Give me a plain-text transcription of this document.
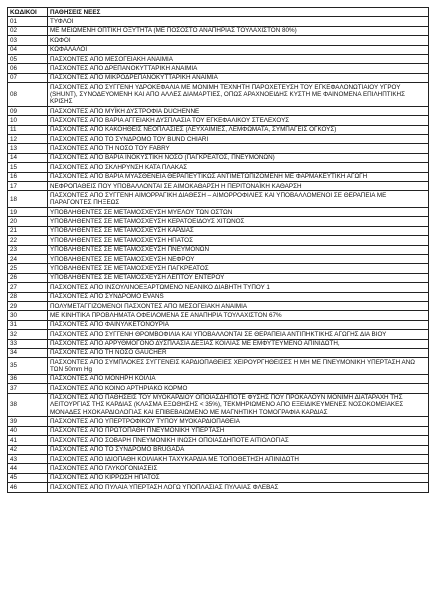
ΚΩΔΙΚΟΙ	ΠΑΘΗΣΕΙΣ ΝΕΕΣ
01	ΤΥΦΛΟΙ
02	ΜΕ ΜΕΙΩΜΕΝΗ ΟΠΤΙΚΗ ΟΞΥΤΗΤΑ (ΜΕ ΠΟΣΟΣΤΟ ΑΝΑΠΗΡΙΑΣ ΤΟΥΛΑΧΙΣΤΟΝ 80%)
03	ΚΩΦΟΙ
04	ΚΩΦΑΛΑΛΟΙ
05	ΠΑΣΧΟΝΤΕΣ ΑΠΟ ΜΕΣΟΓΕΙΑΚΗ ΑΝΑΙΜΙΑ
06	ΠΑΣΧΟΝΤΕΣ ΑΠΟ ΔΡΕΠΑΝΟΚΥΤΤΑΡΙΚΗ ΑΝΑΙΜΙΑ
07	ΠΑΣΧΟΝΤΕΣ ΑΠΟ ΜΙΚΡΟΔΡΕΠΑΝΟΚΥΤΤΑΡΙΚΗ ΑΝΑΙΜΙΑ
08	ΠΑΣΧΟΝΤΕΣ ΑΠΟ ΣΥΓΓΕΝΗ ΥΔΡΟΚΕΦΑΛΙΑ ΜΕ ΜΟΝΙΜΗ ΤΕΧΝΗΤΗ ΠΑΡΟΧΕΤΕΥΣΗ ΤΟΥ ΕΓΚΕΦΑΛΟΝΩΤΙΑΙΟΥ ΥΓΡΟΥ (SHUNT), ΣΥΝΟΔΕΥΟΜΕΝΗ ΚΑΙ ΑΠΟ ΑΛΛΕΣ ΔΙΑΜΑΡΤΙΕΣ, ΟΠΩΣ ΑΡΑΧΝΟΕΙΔΗΣ ΚΥΣΤΗ ΜΕ ΦΑΙΝΟΜΕΝΑ ΕΠΙΛΗΠΤΙΚΗΣ ΚΡΙΣΗΣ
09	ΠΑΣΧΟΝΤΕΣ ΑΠΟ ΜΥΪΚΗ ΔΥΣΤΡΟΦΙΑ DUCHENNE
10	ΠΑΣΧΟΝΤΕΣ ΑΠΟ ΒΑΡΙΑ ΑΓΓΕΙΑΚΗ ΔΥΣΠΛΑΣΙΑ ΤΟΥ ΕΓΚΕΦΑΛΙΚΟΥ ΣΤΕΛΕΧΟΥΣ
11	ΠΑΣΧΟΝΤΕΣ ΑΠΟ ΚΑΚΟΗΘΕΙΣ ΝΕΟΠΛΑΣΙΕΣ (ΛΕΥΧΑΙΜΙΕΣ, ΛΕΜΦΩΜΑΤΑ, ΣΥΜΠΑΓΕΙΣ ΟΓΚΟΥΣ)
12	ΠΑΣΧΟΝΤΕΣ ΑΠΟ ΤΟ ΣΥΝΔΡΟΜΟ ΤΟΥ BUND CHIARI
13	ΠΑΣΧΟΝΤΕΣ ΑΠΟ ΤΗ ΝΟΣΟ ΤΟΥ FABRY
14	ΠΑΣΧΟΝΤΕΣ ΑΠΟ ΒΑΡΙΑ ΙΝΟΚΥΣΤΙΚΗ ΝΟΣΟ (ΠΑΓΚΡΕΑΤΟΣ, ΠΝΕΥΜΟΝΩΝ)
15	ΠΑΣΧΟΝΤΕΣ ΑΠΟ ΣΚΛΗΡΥΝΣΗ ΚΑΤΑ ΠΛΑΚΑΣ
16	ΠΑΣΧΟΝΤΕΣ ΑΠΟ ΒΑΡΙΑ ΜΥΑΣΘΕΝΕΙΑ ΘΕΡΑΠΕΥΤΙΚΩΣ ΑΝΤΙΜΕΤΩΠΙΖΟΜΕΝΗ ΜΕ ΦΑΡΜΑΚΕΥΤΙΚΗ ΑΓΩΓΗ
17	ΝΕΦΡΟΠΑΘΕΙΣ ΠΟΥ ΥΠΟΒΑΛΛΟΝΤΑΙ ΣΕ ΑΙΜΟΚΑΘΑΡΣΗ Η ΠΕΡΙΤΟΝΑΪΚΗ ΚΑΘΑΡΣΗ
18	ΠΑΣΧΟΝΤΕΣ ΑΠΟ ΣΥΓΓΕΝΗ ΑΙΜΟΡΡΑΓΙΚΗ ΔΙΑΘΕΣΗ – ΑΙΜΟΡΡΟΦΙΛΙΕΣ ΚΑΙ ΥΠΟΒΑΛΛΟΜΕΝΟΙ ΣΕ ΘΕΡΑΠΕΙΑ ΜΕ ΠΑΡΑΓΟΝΤΕΣ ΠΗΞΕΩΣ
19	ΥΠΟΒΛΗΘΕΝΤΕΣ ΣΕ ΜΕΤΑΜΟΣΧΕΥΣΗ ΜΥΕΛΟΥ ΤΩΝ ΟΣΤΩΝ
20	ΥΠΟΒΛΗΘΕΝΤΕΣ ΣΕ ΜΕΤΑΜΟΣΧΕΥΣΗ ΚΕΡΑΤΟΕΙΔΟΥΣ ΧΙΤΩΝΟΣ
21	ΥΠΟΒΛΗΘΕΝΤΕΣ ΣΕ ΜΕΤΑΜΟΣΧΕΥΣΗ ΚΑΡΔΙΑΣ
22	ΥΠΟΒΛΗΘΕΝΤΕΣ ΣΕ ΜΕΤΑΜΟΣΧΕΥΣΗ ΗΠΑΤΟΣ
23	ΥΠΟΒΛΗΘΕΝΤΕΣ ΣΕ ΜΕΤΑΜΟΣΧΕΥΣΗ ΠΝΕΥΜΟΝΩΝ
24	ΥΠΟΒΛΗΘΕΝΤΕΣ ΣΕ ΜΕΤΑΜΟΣΧΕΥΣΗ ΝΕΦΡΟΥ
25	ΥΠΟΒΛΗΘΕΝΤΕΣ ΣΕ ΜΕΤΑΜΟΣΧΕΥΣΗ ΠΑΓΚΡΕΑΤΟΣ
26	ΥΠΟΒΛΗΘΕΝΤΕΣ ΣΕ ΜΕΤΑΜΟΣΧΕΥΣΗ ΛΕΠΤΟΥ ΕΝΤΕΡΟΥ
27	ΠΑΣΧΟΝΤΕΣ ΑΠΟ ΙΝΣΟΥΛΙΝΟΕΞΑΡΤΩΜΕΝΟ ΝΕΑΝΙΚΟ ΔΙΑΒΗΤΗ ΤΥΠΟΥ 1
28	ΠΑΣΧΟΝΤΕΣ ΑΠΟ ΣΥΝΔΡΟΜΟ EVANS
29	ΠΟΛΥΜΕΤΑΓΓΙΖΟΜΕΝΟΙ ΠΑΣΧΟΝΤΕΣ ΑΠΟ ΜΕΣΟΓΕΙΑΚΗ ΑΝΑΙΜΙΑ
30	ΜΕ ΚΙΝΗΤΙΚΑ ΠΡΟΒΛΗΜΑΤΑ ΟΦΕΙΛΟΜΕΝΑ ΣΕ ΑΝΑΠΗΡΙΑ ΤΟΥΛΑΧΙΣΤΟΝ 67%
31	ΠΑΣΧΟΝΤΕΣ ΑΠΟ ΦΑΙΝΥΛΚΕΤΟΝΟΥΡΙΑ
32	ΠΑΣΧΟΝΤΕΣ ΑΠΟ ΣΥΓΓΕΝΗ ΘΡΟΜΒΟΦΙΛΙΑ ΚΑΙ ΥΠΟΒΑΛΛΟΝΤΑΙ ΣΕ ΘΕΡΑΠΕΙΑ ΑΝΤΙΠΗΚΤΙΚΗΣ ΑΓΩΓΗΣ ΔΙΑ ΒΙΟΥ
33	ΠΑΣΧΟΝΤΕΣ ΑΠΟ ΑΡΡΥΘΜΟΓΟΝΟ ΔΥΣΠΛΑΣΙΑ ΔΕΞΙΑΣ ΚΟΙΛΙΑΣ ΜΕ ΕΜΦΥΤΕΥΜΕΝΟ ΑΠΙΝΙΔΩΤΗ,
34	ΠΑΣΧΟΝΤΕΣ ΑΠΟ ΤΗ ΝΟΣΟ GAUCHER
35	ΠΑΣΧΟΝΤΕΣ ΑΠΟ ΣΥΜΠΛΟΚΕΣ ΣΥΓΓΕΝΕΙΣ ΚΑΡΔΙΟΠΑΘΕΙΕΣ ΧΕΙΡΟΥΡΓΗΘΕΙΣΕΣ Η ΜΗ ΜΕ ΠΝΕΥΜΟΝΙΚΗ ΥΠΕΡΤΑΣΗ ΑΝΩ ΤΩΝ 50mm Hg
36	ΠΑΣΧΟΝΤΕΣ ΑΠΟ ΜΟΝΗΡΗ ΚΟΙΛΙΑ
37	ΠΑΣΧΟΝΤΕΣ ΑΠΟ ΚΟΙΝΟ ΑΡΤΗΡΙΑΚΟ ΚΟΡΜΟ
38	ΠΑΣΧΟΝΤΕΣ ΑΠΟ ΠΑΘΗΣΕΙΣ ΤΟΥ ΜΥΟΚΑΡΔΙΟΥ ΟΠΟΙΑΣΔΗΠΟΤΕ ΦΥΣΗΣ ΠΟΥ ΠΡΟΚΑΛΟΥΝ ΜΟΝΙΜΗ ΔΙΑΤΑΡΑΧΗ ΤΗΣ ΛΕΙΤΟΥΡΓΙΑΣ ΤΗΣ ΚΑΡΔΙΑΣ (ΚΛΑΣΜΑ ΕΞΩΘΗΣΗΣ < 35%), ΤΕΚΜΗΡΙΩΜΕΝΟ ΑΠΟ ΕΞΕΙΔΙΚΕΥΜΕΝΕΣ ΝΟΣΟΚΟΜΕΙΑΚΕΣ ΜΟΝΑΔΕΣ ΗΧΟΚΑΡΔΙΟΛΟΓΙΑΣ ΚΑΙ ΕΠΙΒΕΒΑΙΩΜΕΝΟ ΜΕ ΜΑΓΝΗΤΙΚΗ ΤΟΜΟΓΡΑΦΙΑ ΚΑΡΔΙΑΣ
39	ΠΑΣΧΟΝΤΕΣ ΑΠΟ ΥΠΕΡΤΡΟΦΙΚΟΥ ΤΥΠΟΥ ΜΥΟΚΑΡΔΙΟΠΑΘΕΙΑ
40	ΠΑΣΧΟΝΤΕΣ ΑΠΟ ΠΡΩΤΟΠΑΘΗ ΠΝΕΥΜΟΝΙΚΗ ΥΠΕΡΤΑΣΗ
41	ΠΑΣΧΟΝΤΕΣ ΑΠΟ ΣΟΒΑΡΗ ΠΝΕΥΜΟΝΙΚΗ ΙΝΩΣΗ ΟΠΟΙΑΣΔΗΠΟΤΕ ΑΙΤΙΟΛΟΓΙΑΣ
42	ΠΑΣΧΟΝΤΕΣ ΑΠΟ ΤΟ ΣΥΝΔΡΟΜΟ BRUGADA
43	ΠΑΣΧΟΝΤΕΣ ΑΠΟ ΙΔΙΟΠΑΘΗ ΚΟΙΛΙΑΚΗ ΤΑΧΥΚΑΡΔΙΑ ΜΕ ΤΟΠΟΘΕΤΗΣΗ ΑΠΙΝΙΔΩΤΗ
44	ΠΑΣΧΟΝΤΕΣ ΑΠΟ ΓΛΥΚΟΓΟΝΙΑΣΕΙΣ
45	ΠΑΣΧΟΝΤΕΣ ΑΠΟ ΚΙΡΡΩΣΗ ΗΠΑΤΟΣ
46	ΠΑΣΧΟΝΤΕΣ ΑΠΟ ΠΥΛΑΙΑ ΥΠΕΡΤΑΣΗ ΛΟΓΩ ΥΠΟΠΛΑΣΙΑΣ ΠΥΛΑΙΑΣ ΦΛΕΒΑΣ
